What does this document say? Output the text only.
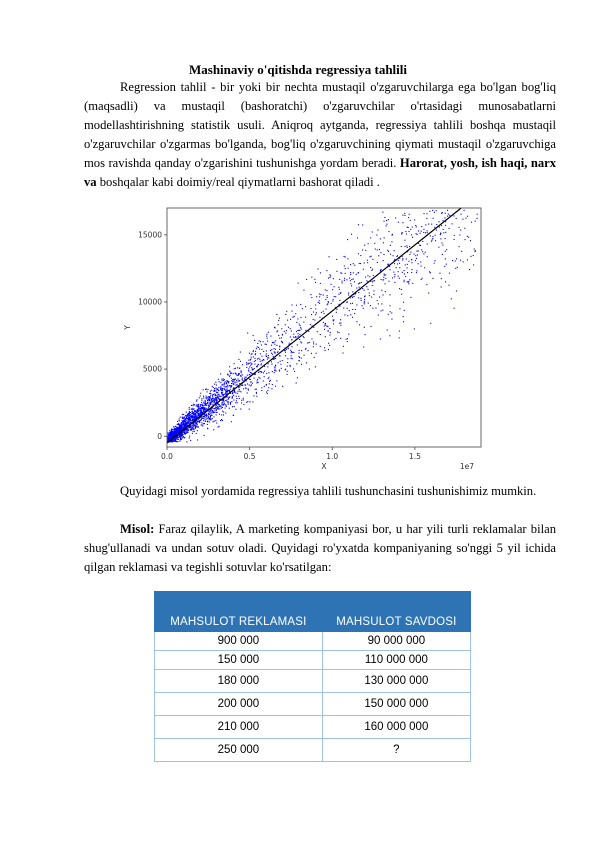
Mashinaviy o'qitishda regressiya tahlili
Regression tahlil - bir yoki bir nechta mustaqil o'zgaruvchilarga ega bo'lgan bog'liq (maqsadli) va mustaqil (bashoratchi) o'zgaruvchilar o'rtasidagi munosabatlarni modellashtirishning statistik usuli. Aniqroq aytganda, regressiya tahlili boshqa mustaqil o'zgaruvchilar o'zgarmas bo'lganda, bog'liq o'zgaruvchining qiymati mustaqil o'zgaruvchiga mos ravishda qanday o'zgarishini tushunishga yordam beradi. Harorat, yosh, ish haqi, narx va boshqalar kabi doimiy/real qiymatlarni bashorat qiladi .
0.0	0.5	1.0	1.5
0
5000
10000
15000
X	1e7
Y
Quyidagi misol yordamida regressiya tahlili tushunchasini tushunishimiz mumkin.
Misol: Faraz qilaylik, A marketing kompaniyasi bor, u har yili turli reklamalar bilan shug'ullanadi va undan sotuv oladi. Quyidagi ro'yxatda kompaniyaning so'nggi 5 yil ichida qilgan reklamasi va tegishli sotuvlar ko'rsatilgan:
MAHSULOT REKLAMASI	MAHSULOT SAVDOSI
900 000	90 000 000
150 000	110 000 000
180 000	130 000 000
200 000	150 000 000
210 000	160 000 000
250 000	?
